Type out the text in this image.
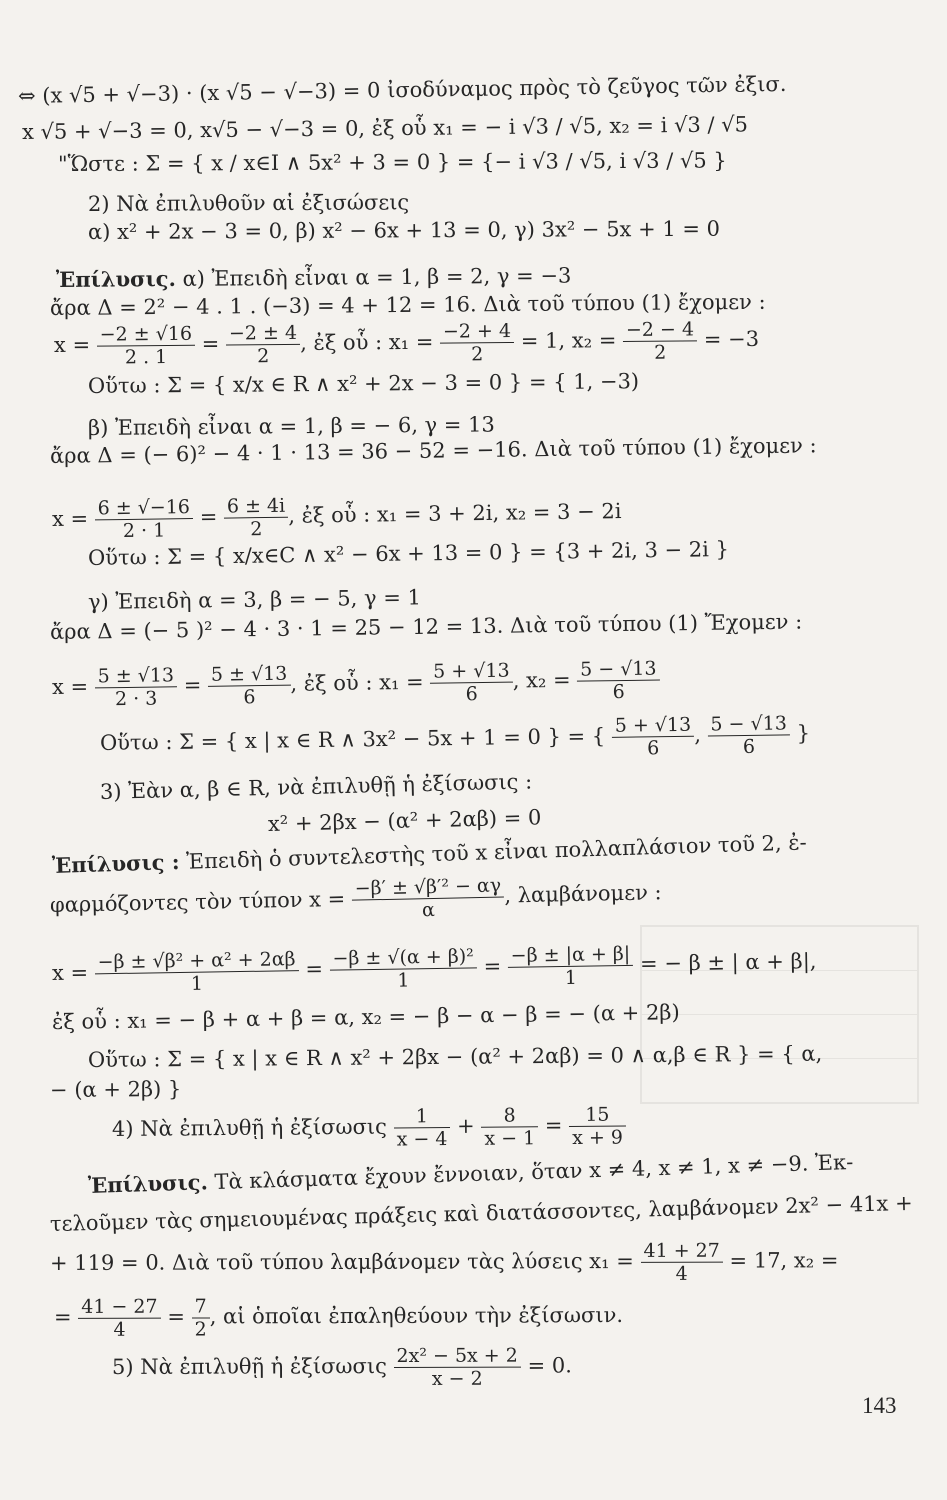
⇔ (x √5 + √−3) · (x √5 − √−3) = 0 ἰσοδύναμος πρὸς τὸ ζεῦγος τῶν ἐξισ.
x √5 + √−3 = 0, x√5 − √−3 = 0, ἐξ οὗ x₁ = − i √3 / √5, x₂ = i √3 / √5
"Ὥστε : Σ = { x / x∈I ∧ 5x² + 3 = 0 } = {− i √3 / √5, i √3 / √5 }
2) Νὰ ἐπιλυθοῦν αἱ ἐξισώσεις
α) x² + 2x − 3 = 0, β) x² − 6x + 13 = 0, γ) 3x² − 5x + 1 = 0
Ἐπίλυσις. α) Ἐπειδὴ εἶναι α = 1, β = 2, γ = −3
ἄρα Δ = 2² − 4 . 1 . (−3) = 4 + 12 = 16. Διὰ τοῦ τύπου (1) ἔχομεν :
$x = \frac{-2 \pm √16}{2 . 1} = \frac{-2 \pm 4}{2}$ , ἐξ οὗ : $x_1 = \frac{-2 + 4}{2} = 1$, $x_2 = \frac{-2 - 4}{2} = -3$
Οὕτω : Σ = { x/x ∈ R ∧ x² + 2x − 3 = 0 } = { 1, −3)
β) Ἐπειδὴ εἶναι α = 1, β = − 6, γ = 13
ἄρα Δ = (− 6)² − 4 · 1 · 13 = 36 − 52 = −16. Διὰ τοῦ τύπου (1) ἔχομεν :
$x = \frac{6 \pm √-16}{2 \cdot 1} = \frac{6 \pm 4i}{2}$ , ἐξ οὗ : x₁ = 3 + 2i, x₂ = 3 − 2i
Οὕτω : Σ = { x/x∈C ∧ x² − 6x + 13 = 0 } = {3 + 2i, 3 − 2i }
γ) Ἐπειδὴ α = 3, β = − 5, γ = 1
ἄρα Δ = (− 5 )² − 4 · 3 · 1 = 25 − 12 = 13. Διὰ τοῦ τύπου (1) Ἔχομεν :
$x = \frac{5 \pm √13}{2 \cdot 3} = \frac{5 \pm √13}{6}$ , ἐξ οὗ : $x_1 = \frac{5 + √13}{6}$ , $x_2 = \frac{5 - √13}{6}$
Οὕτω : Σ = { x | x ∈ R ∧ 3x² − 5x + 1 = 0 } = { $\frac{5 + √13}{6}$ , $\frac{5 - √13}{6}$ }
3) Ἐὰν α, β ∈ R, νὰ ἐπιλυθῇ ἡ ἐξίσωσις :
x² + 2βx − (α² + 2αβ) = 0
Ἐπίλυσις : Ἐπειδὴ ὁ συντελεστὴς τοῦ x εἶναι πολλαπλάσιον τοῦ 2, ἐ-
φαρμόζοντες τὸν τύπον $x = \frac{\text{−β′ ± √β′² − αγ}}{\alpha}$ , λαμβάνομεν :
$x = \frac{\text{−β ± √β² + α² + 2αβ}}{1} = \frac{\text{−β ± √(α + β)²}}{1} = \frac{-\beta \pm |\alpha + \beta|}{1}$ = − β ± | α + β|,
ἐξ οὗ : x₁ = − β + α + β = α, x₂ = − β − α − β = − (α + 2β)
Οὕτω : Σ = { x | x ∈ R ∧ x² + 2βx − (α² + 2αβ) = 0 ∧ α,β ∈ R } = { α,
− (α + 2β) }
4) Νὰ ἐπιλυθῇ ἡ ἐξίσωσις $\frac{1}{x - 4} + \frac{8}{x - 1} = \frac{15}{x + 9}$
Ἐπίλυσις. Τὰ κλάσματα ἔχουν ἔννοιαν, ὅταν x ≠ 4, x ≠ 1, x ≠ −9. Ἐκ-
τελοῦμεν τὰς σημειουμένας πράξεις καὶ διατάσσοντες, λαμβάνομεν 2x² − 41x +
+ 119 = 0. Διὰ τοῦ τύπου λαμβάνομεν τὰς λύσεις $x_1 = \frac{41 + 27}{4} = 17$, x₂ =
= $\frac{41 - 27}{4} = \frac{7}{2}$ , αἱ ὁποῖαι ἐπαληθεύουν τὴν ἐξίσωσιν.
5) Νὰ ἐπιλυθῇ ἡ ἐξίσωσις $\frac{\text{2x² − 5x + 2}}{x - 2} = 0$.
143
